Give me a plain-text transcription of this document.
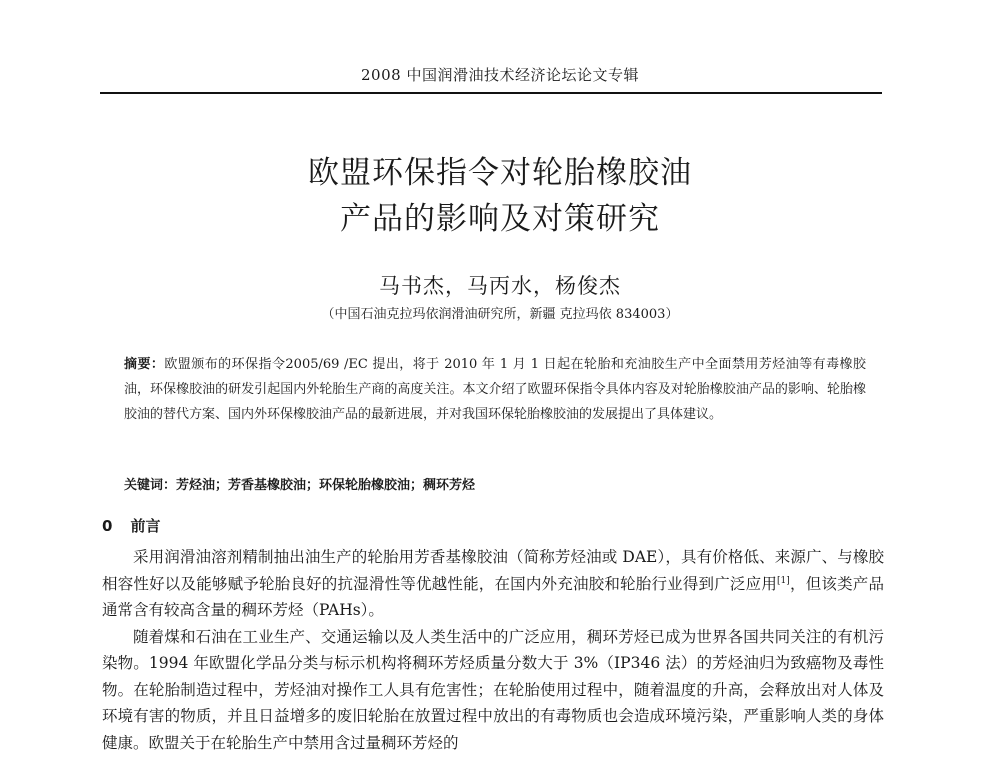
2008 中国润滑油技术经济论坛论文专辑
欧盟环保指令对轮胎橡胶油
产品的影响及对策研究
马书杰，马丙水，杨俊杰
（中国石油克拉玛依润滑油研究所，新疆 克拉玛依 834003）
摘要：欧盟颁布的环保指令2005/69 /EC 提出，将于 2010 年 1 月 1 日起在轮胎和充油胶生产中全面禁用芳烃油等有毒橡胶油，环保橡胶油的研发引起国内外轮胎生产商的高度关注。本文介绍了欧盟环保指令具体内容及对轮胎橡胶油产品的影响、轮胎橡胶油的替代方案、国内外环保橡胶油产品的最新进展，并对我国环保轮胎橡胶油的发展提出了具体建议。
关键词：芳烃油；芳香基橡胶油；环保轮胎橡胶油；稠环芳烃
0 前言

采用润滑油溶剂精制抽出油生产的轮胎用芳香基橡胶油（简称芳烃油或 DAE），具有价格低、来源广、与橡胶相容性好以及能够赋予轮胎良好的抗湿滑性等优越性能，在国内外充油胶和轮胎行业得到广泛应用[1]，但该类产品通常含有较高含量的稠环芳烃（PAHs）。

随着煤和石油在工业生产、交通运输以及人类生活中的广泛应用，稠环芳烃已成为世界各国共同关注的有机污染物。1994 年欧盟化学品分类与标示机构将稠环芳烃质量分数大于 3%（IP346 法）的芳烃油归为致癌物及毒性物。在轮胎制造过程中，芳烃油对操作工人具有危害性；在轮胎使用过程中，随着温度的升高，会释放出对人体及环境有害的物质，并且日益增多的废旧轮胎在放置过程中放出的有毒物质也会造成环境污染，严重影响人类的身体健康。欧盟关于在轮胎生产中禁用含过量稠环芳烃的
